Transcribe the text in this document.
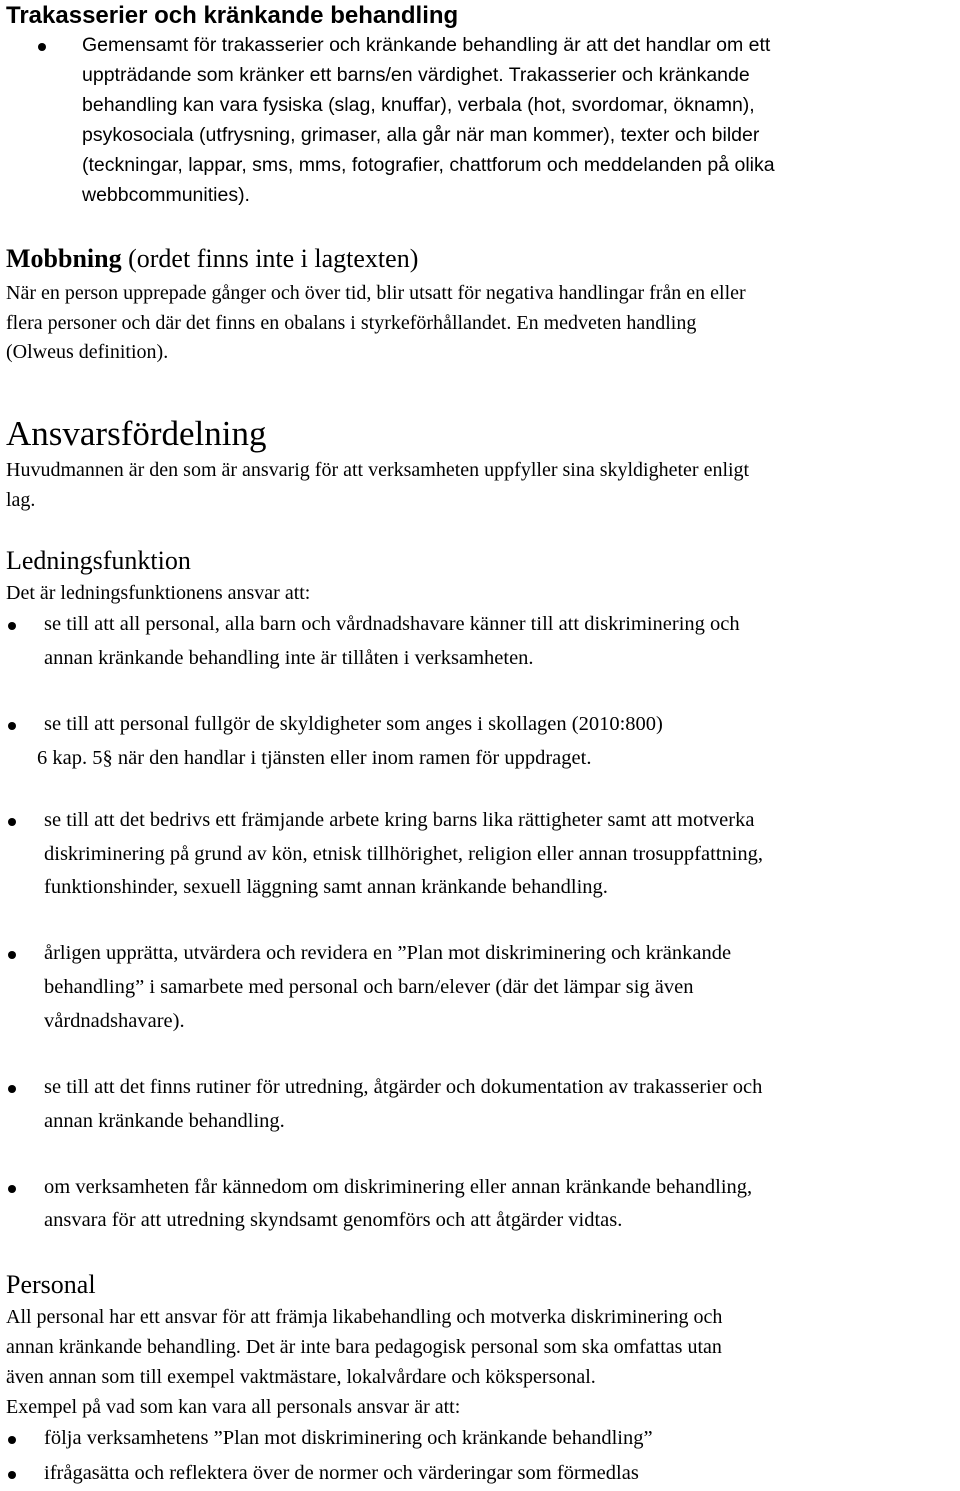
Trakasserier och kränkande behandling
Gemensamt för trakasserier och kränkande behandling är att det handlar om ett
uppträdande som kränker ett barns/en värdighet. Trakasserier och kränkande
behandling kan vara fysiska (slag, knuffar), verbala (hot, svordomar, öknamn),
psykosociala (utfrysning, grimaser, alla går när man kommer), texter och bilder
(teckningar, lappar, sms, mms, fotografier, chattforum och meddelanden på olika
webbcommunities).
Mobbning (ordet finns inte i lagtexten)
När en person upprepade gånger och över tid, blir utsatt för negativa handlingar från en eller
flera personer och där det finns en obalans i styrkeförhållandet. En medveten handling
(Olweus definition).
Ansvarsfördelning
Huvudmannen är den som är ansvarig för att verksamheten uppfyller sina skyldigheter enligt
lag.
Ledningsfunktion
Det är ledningsfunktionens ansvar att:
se till att all personal, alla barn och vårdnadshavare känner till att diskriminering och
annan kränkande behandling inte är tillåten i verksamheten.
se till att personal fullgör de skyldigheter som anges i skollagen (2010:800)
6 kap. 5§ när den handlar i tjänsten eller inom ramen för uppdraget.
se till att det bedrivs ett främjande arbete kring barns lika rättigheter samt att motverka
diskriminering på grund av kön, etnisk tillhörighet, religion eller annan trosuppfattning,
funktionshinder, sexuell läggning samt annan kränkande behandling.
årligen upprätta, utvärdera och revidera en ”Plan mot diskriminering och kränkande
behandling” i samarbete med personal och barn/elever (där det lämpar sig även
vårdnadshavare).
se till att det finns rutiner för utredning, åtgärder och dokumentation av trakasserier och
annan kränkande behandling.
om verksamheten får kännedom om diskriminering eller annan kränkande behandling,
ansvara för att utredning skyndsamt genomförs och att åtgärder vidtas.
Personal
All personal har ett ansvar för att främja likabehandling och motverka diskriminering och
annan kränkande behandling. Det är inte bara pedagogisk personal som ska omfattas utan
även annan som till exempel vaktmästare, lokalvårdare och kökspersonal.
Exempel på vad som kan vara all personals ansvar är att:
följa verksamhetens ”Plan mot diskriminering och kränkande behandling”
ifrågasätta och reflektera över de normer och värderingar som förmedlas
